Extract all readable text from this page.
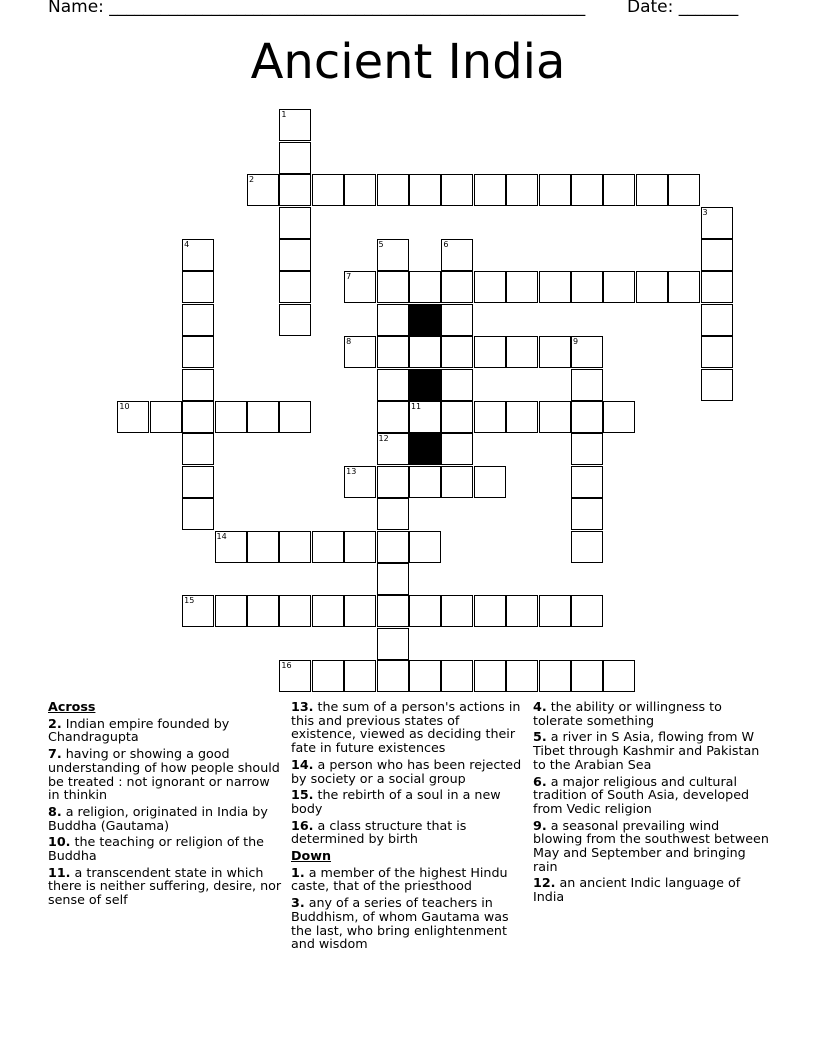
Name: ________________________________________________________ Date: _______
Ancient India
1
2
3
4	5	6
7
8	9
10	11
12
13
14
15
16
Across
2. Indian empire founded by Chandragupta
7. having or showing a good understanding of how people should be treated : not ignorant or narrow in thinkin
8. a religion, originated in India by Buddha (Gautama)
10. the teaching or religion of the Buddha
11. a transcendent state in which there is neither suffering, desire, nor sense of self
13. the sum of a person's actions in this and previous states of existence, viewed as deciding their fate in future existences
14. a person who has been rejected by society or a social group
15. the rebirth of a soul in a new body
16. a class structure that is determined by birth
Down
1. a member of the highest Hindu caste, that of the priesthood
3. any of a series of teachers in Buddhism, of whom Gautama was the last, who bring enlightenment and wisdom
4. the ability or willingness to tolerate something
5. a river in S Asia, flowing from W Tibet through Kashmir and Pakistan to the Arabian Sea
6. a major religious and cultural tradition of South Asia, developed from Vedic religion
9. a seasonal prevailing wind blowing from the southwest between May and September and bringing rain
12. an ancient Indic language of India
